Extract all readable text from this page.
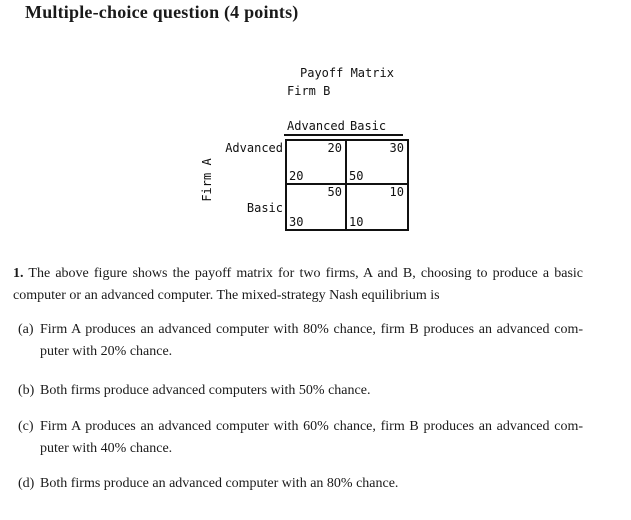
Multiple-choice question (4 points)
Payoff Matrix
Firm B
Advanced Basic
Advanced
Basic
Firm A
20
20
30
50
50
30
10
10
1. The above figure shows the payoff matrix for two firms, A and B, choosing to produce a basic
computer or an advanced computer. The mixed-strategy Nash equilibrium is
(a) Firm A produces an advanced computer with 80% chance, firm B produces an advanced com-
puter with 20% chance.
(b) Both firms produce advanced computers with 50% chance.
(c) Firm A produces an advanced computer with 60% chance, firm B produces an advanced com-
puter with 40% chance.
(d) Both firms produce an advanced computer with an 80% chance.
